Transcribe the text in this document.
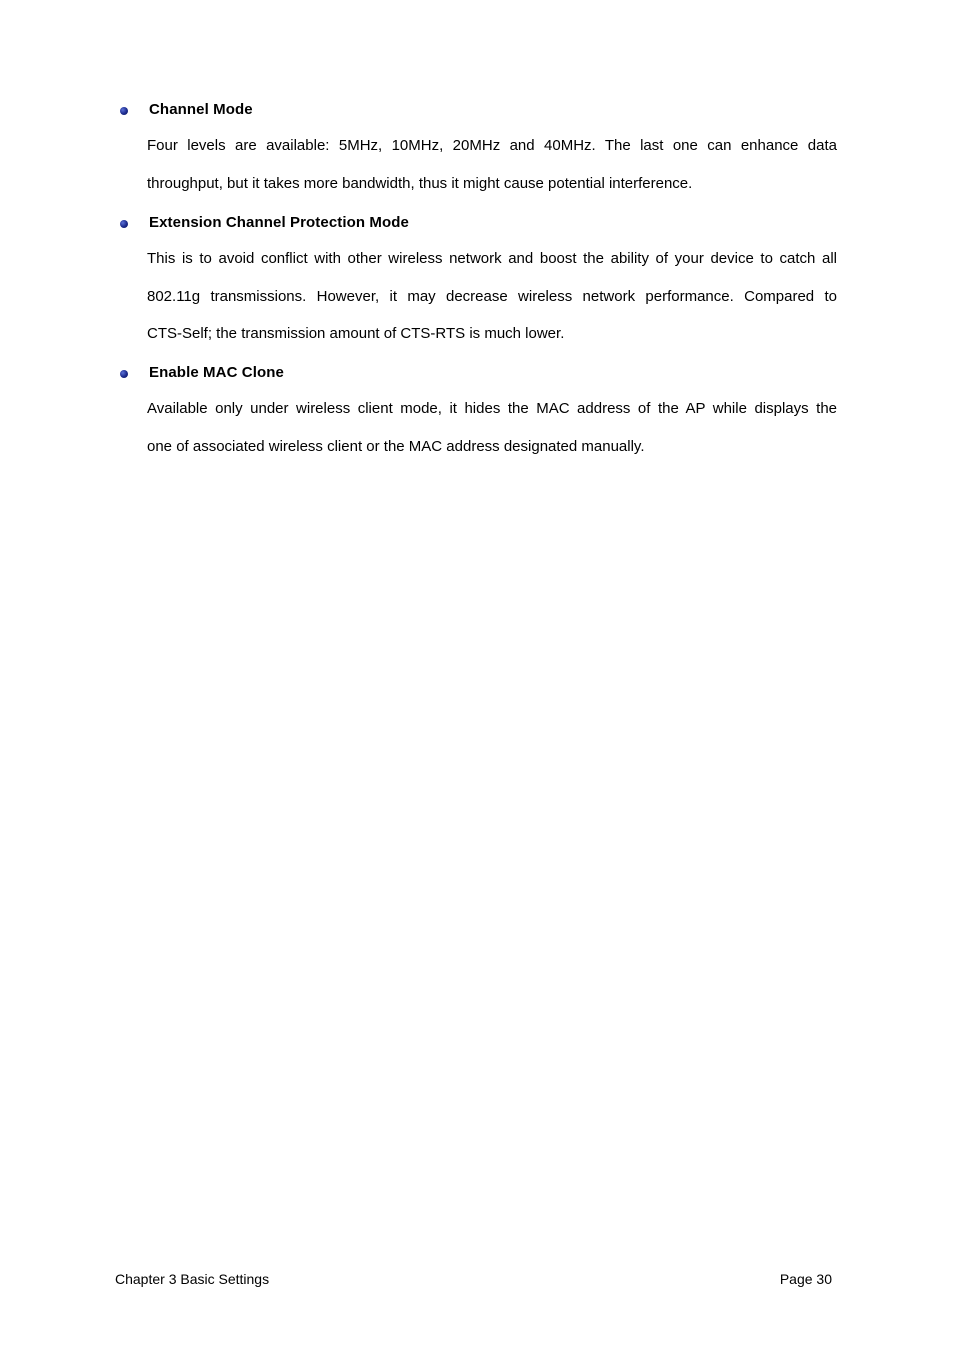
Channel Mode
Four levels are available: 5MHz, 10MHz, 20MHz and 40MHz. The last one can enhance data
throughput, but it takes more bandwidth, thus it might cause potential interference.
Extension Channel Protection Mode
This is to avoid conflict with other wireless network and boost the ability of your device to catch all
802.11g transmissions. However, it may decrease wireless network performance. Compared to
CTS-Self; the transmission amount of CTS-RTS is much lower.
Enable MAC Clone
Available only under wireless client mode, it hides the MAC address of the AP while displays the
one of associated wireless client or the MAC address designated manually.
Chapter 3 Basic Settings	Page 30
